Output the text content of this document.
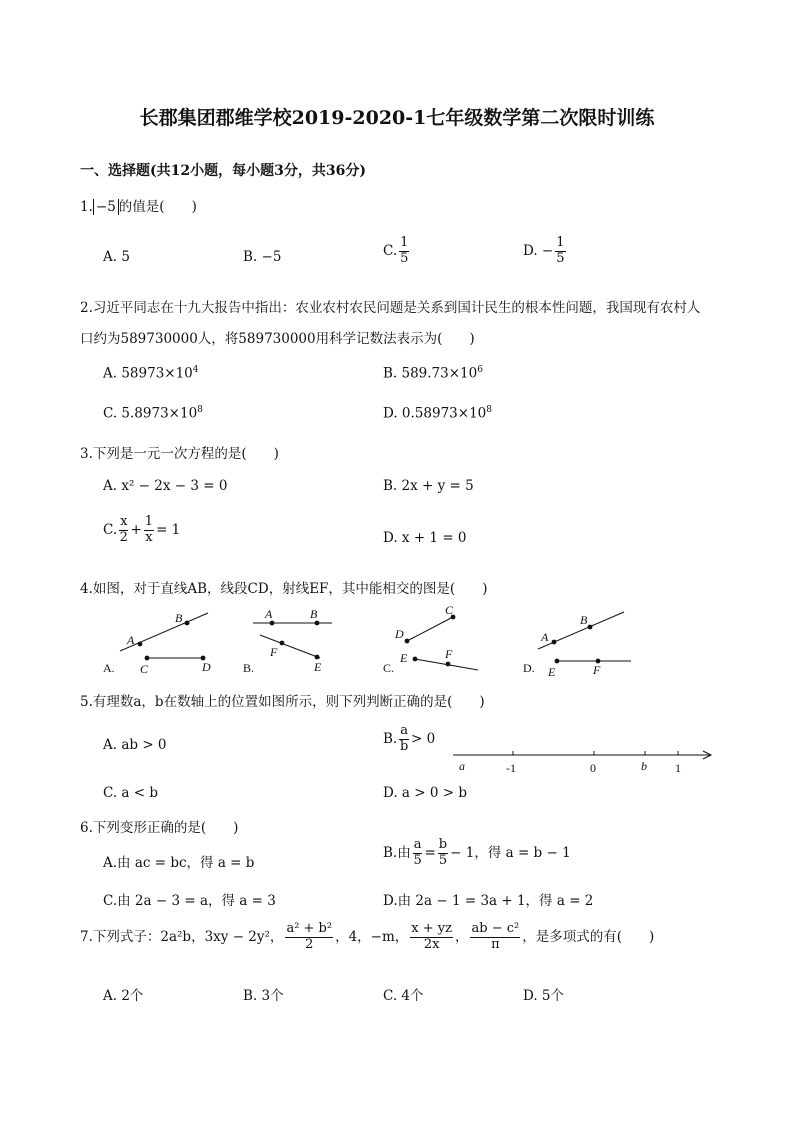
长郡集团郡维学校2019-2020-1七年级数学第二次限时训练
一、选择题(共12小题，每小题3分，共36分)
1. −5 的值是(　　)
A. 5	B. −5	C. $\frac{1}{5}$	D. − $\frac{1}{5}$
2.习近平同志在十九大报告中指出：农业农村农民问题是关系到国计民生的根本性问题，我国现有农村人
口约为589730000人，将589730000用科学记数法表示为(　　)
A. $58973\times 10^4$	B. $589.73\times 10^6$
C. $5.8973\times 10^8$	D. $0.58973\times 10^8$
3.下列是一元一次方程的是(　　)
A. x² − 2x − 3 = 0	B. 2x + y = 5
C. $\frac{x}{2} + \frac{1}{x} = 1$
D. x + 1 = 0
4.如图，对于直线AB，线段CD，射线EF，其中能相交的图是(　　)
A
B
C	D
A.
A	B
F
E
B.
D
C
E	F
C.
A
B
E	F
D.
5.有理数a，b在数轴上的位置如图所示，则下列判断正确的是(　　)
A. ab > 0	B. $\frac{a}{b} > 0$
a	-1	0	b 1
C. a < b	D. a > 0 > b
6.下列变形正确的是(　　)
A.由 ac = bc，得 a = b
B.由 $\frac{a}{5} = \frac{b}{5} - 1$，得 a = b − 1
C.由 2a − 3 = a，得 a = 3	D.由 2a − 1 = 3a + 1，得 a = 2
7.下列式子：2a²b，3xy − 2y²， $\frac{\text{a² + b²}}{2}$ ，4，−m， $\frac{x + yz}{2x}$ ， $\frac{\text{ab − c²}}{\pi}$ ，是多项式的有(　　)
A. 2个	B. 3个	C. 4个	D. 5个
